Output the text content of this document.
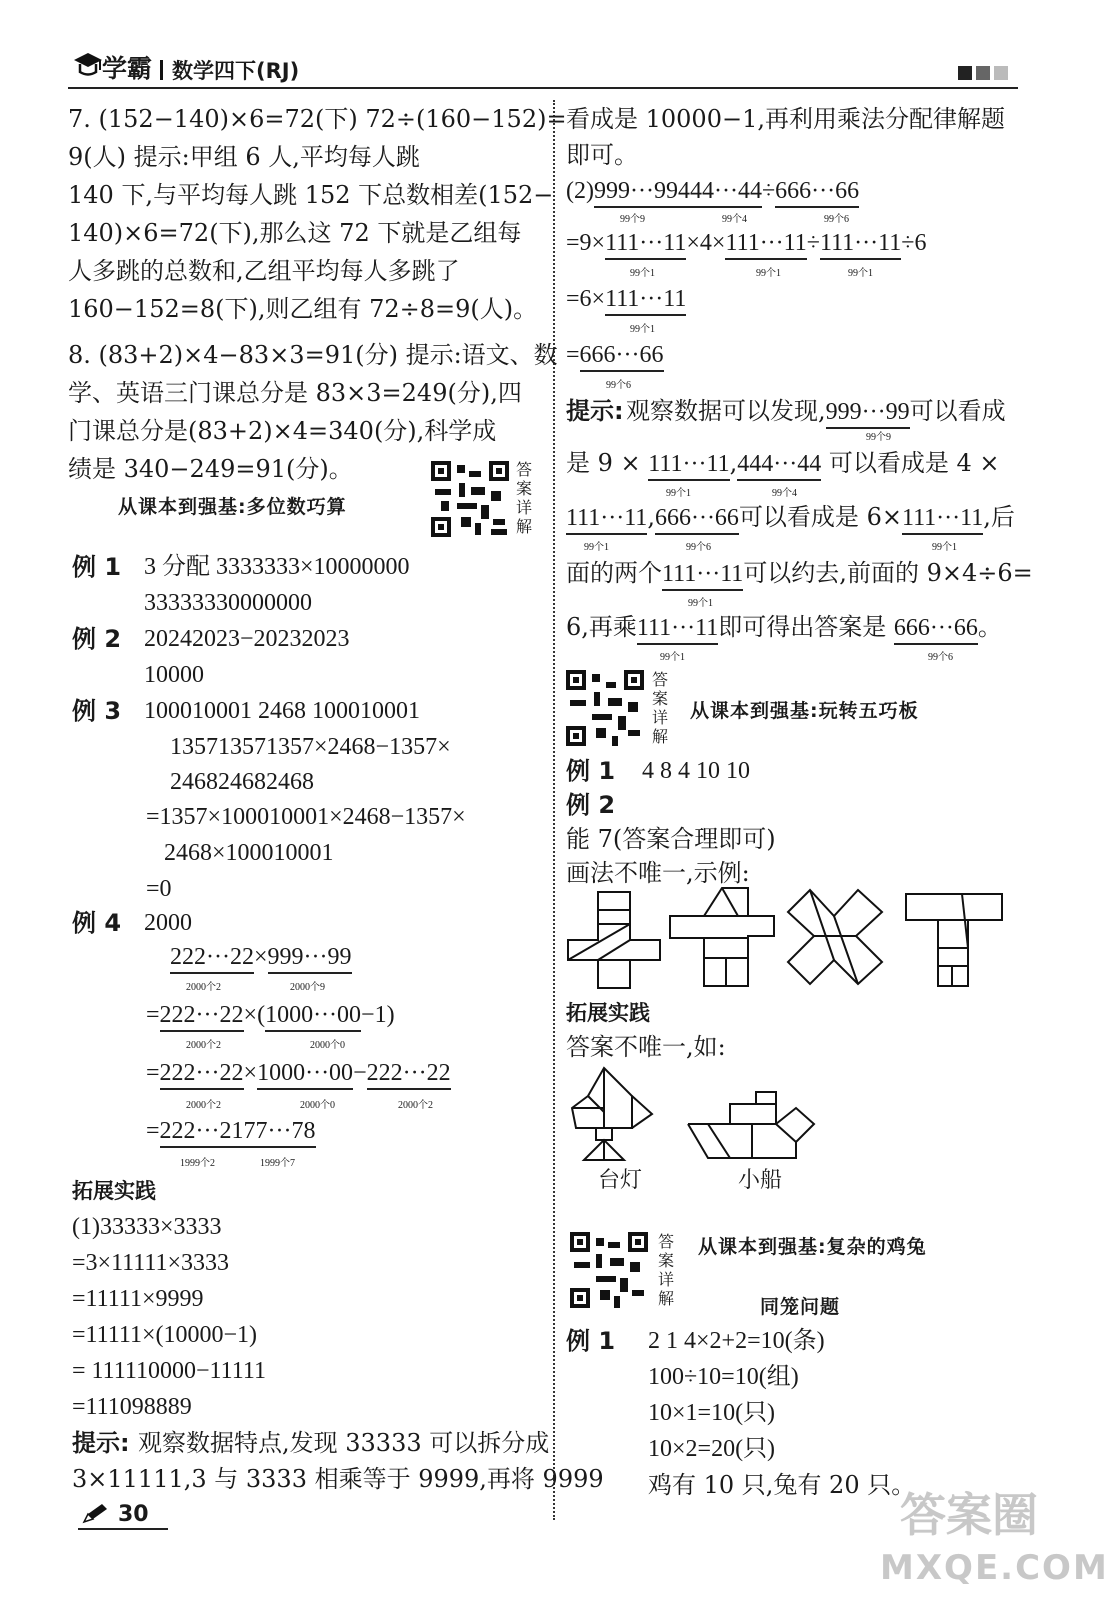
学霸 数学四下(RJ)
7. (152−140)×6=72(下) 72÷(160−152)=
9(人) 提示:甲组 6 人,平均每人跳
140 下,与平均每人跳 152 下总数相差(152−
140)×6=72(下),那么这 72 下就是乙组每
人多跳的总数和,乙组平均每人多跳了
160−152=8(下),则乙组有 72÷8=9(人)。
8. (83+2)×4−83×3=91(分) 提示:语文、数
学、英语三门课总分是 83×3=249(分),四
门课总分是(83+2)×4=340(分),科学成
绩是 340−249=91(分)。
从课本到强基:多位数巧算
答案详解
例 1 3 分配 3333333×10000000
33333330000000
例 2 20242023−20232023
10000
例 3 100010001 2468 100010001
135713571357×2468−1357×
246824682468
=1357×100010001×2468−1357×
2468×100010001
=0
例 4 2000
222···22×999···99
2000个2	2000个9
=222···22×(1000···00−1)
2000个2	2000个0
=222···22×1000···00−222···22
2000个2	2000个0	2000个2
=222···2177···78
1999个2	1999个7
拓展实践
(1)33333×3333
=3×11111×3333
=11111×9999
=11111×(10000−1)
= 111110000−11111
=111098889
提示: 观察数据特点,发现 33333 可以拆分成
3×11111,3 与 3333 相乘等于 9999,再将 9999
30
看成是 10000−1,再利用乘法分配律解题
即可。
(2)999···99444···44÷666···66
99个9	99个4	99个6
=9×111···11×4×111···11÷111···11÷6
99个1	99个1	99个1
=6×111···11
99个1
=666···66
99个6
提示: 观察数据可以发现,999···99可以看成
99个9
是 9 × 111···11,444···44 可以看成是 4 ×
99个1	99个4
111···11,666···66可以看成是 6×111···11,后
99个1	99个6	99个1
面的两个111···11可以约去,前面的 9×4÷6=
99个1
6,再乘111···11即可得出答案是 666···66。
99个1	99个6
答案详解
从课本到强基:玩转五巧板
例 1 4 8 4 10 10
例 2
能 7(答案合理即可)
画法不唯一,示例:
拓展实践
答案不唯一,如:
台灯	小船
答案详解
从课本到强基:复杂的鸡兔
同笼问题
例 1 2 1 4×2+2=10(条)
100÷10=10(组)
10×1=10(只)
10×2=20(只)
鸡有 10 只,兔有 20 只。
答案圈
MXQE.COM
